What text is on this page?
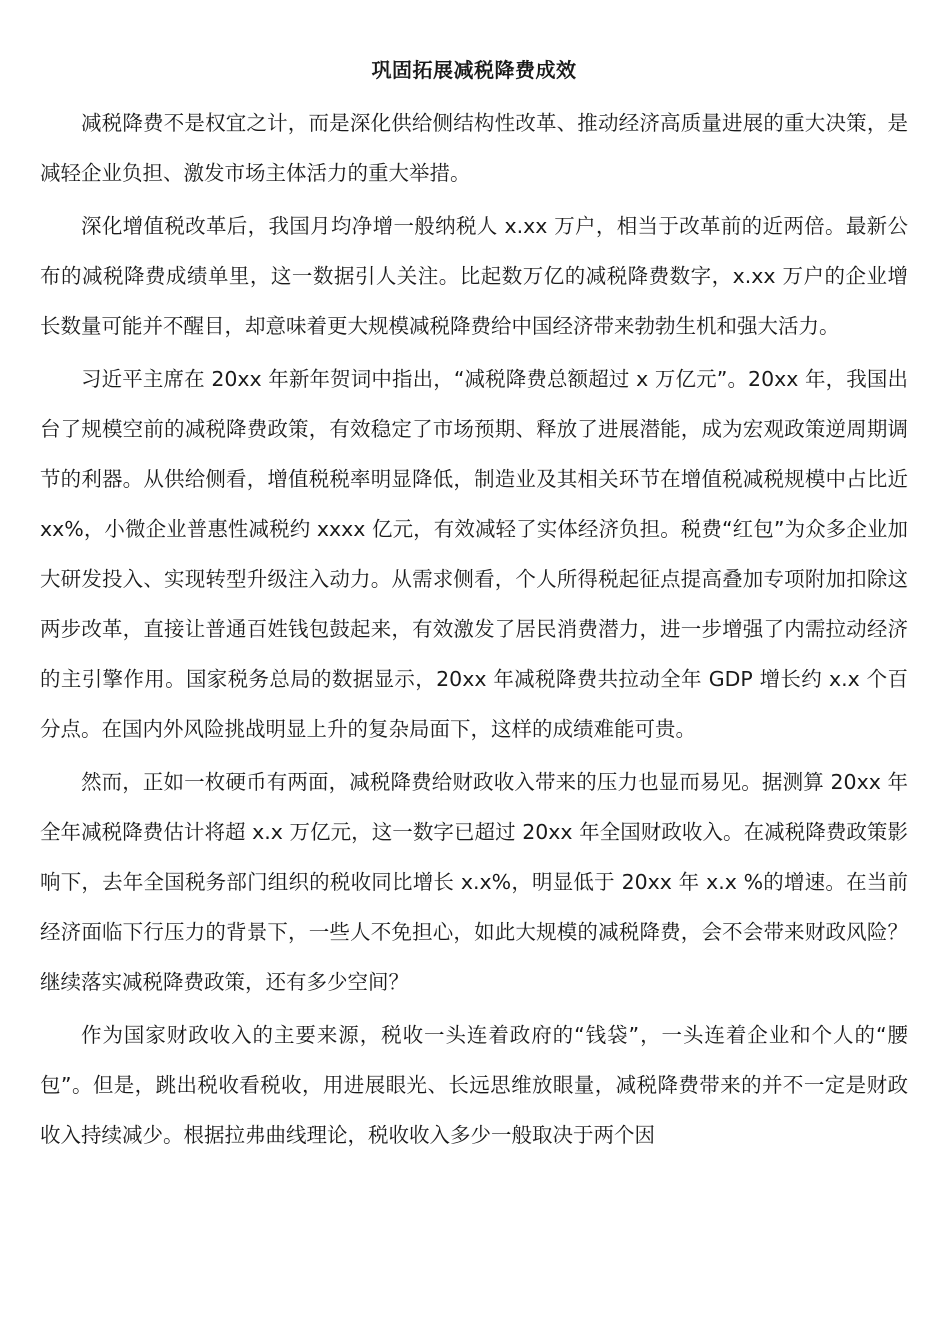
巩固拓展减税降费成效

减税降费不是权宜之计，而是深化供给侧结构性改革、推动经济高质量进展的重大决策，是减轻企业负担、激发市场主体活力的重大举措。

深化增值税改革后，我国月均净增一般纳税人 x.xx 万户，相当于改革前的近两倍。最新公布的减税降费成绩单里，这一数据引人关注。比起数万亿的减税降费数字，x.xx 万户的企业增长数量可能并不醒目，却意味着更大规模减税降费给中国经济带来勃勃生机和强大活力。

习近平主席在 20xx 年新年贺词中指出，“减税降费总额超过 x 万亿元”。20xx 年，我国出台了规模空前的减税降费政策，有效稳定了市场预期、释放了进展潜能，成为宏观政策逆周期调节的利器。从供给侧看，增值税税率明显降低，制造业及其相关环节在增值税减税规模中占比近 xx%，小微企业普惠性减税约 xxxx 亿元，有效减轻了实体经济负担。税费“红包”为众多企业加大研发投入、实现转型升级注入动力。从需求侧看，个人所得税起征点提高叠加专项附加扣除这两步改革，直接让普通百姓钱包鼓起来，有效激发了居民消费潜力，进一步增强了内需拉动经济的主引擎作用。国家税务总局的数据显示，20xx 年减税降费共拉动全年 GDP 增长约 x.x 个百分点。在国内外风险挑战明显上升的复杂局面下，这样的成绩难能可贵。

然而，正如一枚硬币有两面，减税降费给财政收入带来的压力也显而易见。据测算 20xx 年全年减税降费估计将超 x.x 万亿元，这一数字已超过 20xx 年全国财政收入。在减税降费政策影响下，去年全国税务部门组织的税收同比增长 x.x%，明显低于 20xx 年 x.x %的增速。在当前经济面临下行压力的背景下，一些人不免担心，如此大规模的减税降费，会不会带来财政风险？继续落实减税降费政策，还有多少空间？

作为国家财政收入的主要来源，税收一头连着政府的“钱袋”，一头连着企业和个人的“腰包”。但是，跳出税收看税收，用进展眼光、长远思维放眼量，减税降费带来的并不一定是财政收入持续减少。根据拉弗曲线理论，税收收入多少一般取决于两个因
